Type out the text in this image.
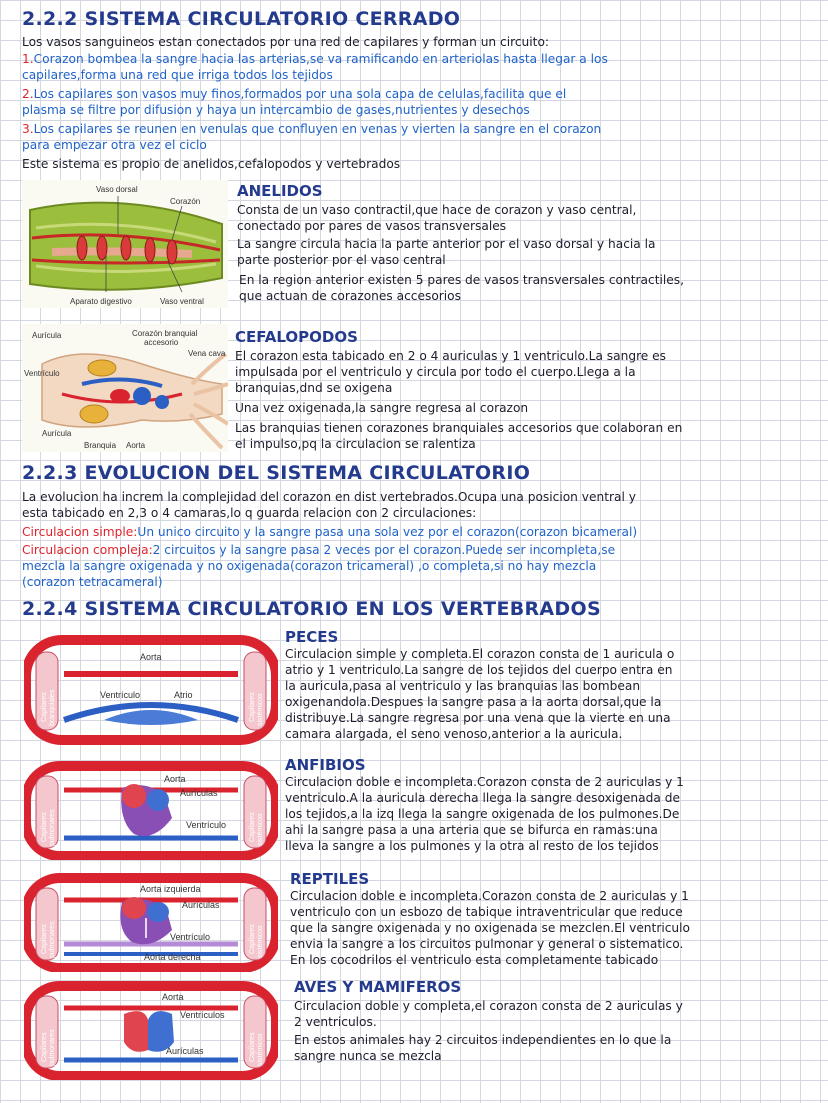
2.2.2 SISTEMA CIRCULATORIO CERRADO
Los vasos sanguineos estan conectados por una red de capilares y forman un circuito:
1.Corazon bombea la sangre hacia las arterias,se va ramificando en arteriolas hasta llegar a los
capilares,forma una red que irriga todos los tejidos
2.Los capilares son vasos muy finos,formados por una sola capa de celulas,facilita que el
plasma se filtre por difusion y haya un intercambio de gases,nutrientes y desechos
3.Los capilares se reunen en venulas que confluyen en venas y vierten la sangre en el corazon
para empezar otra vez el ciclo
Este sistema es propio de anelidos,cefalopodos y vertebrados
Vaso dorsal
Corazón
Aparato digestivo	Vaso ventral
ANELIDOS
Consta de un vaso contractil,que hace de corazon y vaso central,
conectado por pares de vasos transversales
La sangre circula hacia la parte anterior por el vaso dorsal y hacia la
parte posterior por el vaso central
En la region anterior existen 5 pares de vasos transversales contractiles,
que actuan de corazones accesorios
Aurícula	Corazón branquial
accesorio
Vena cava
Ventrículo
Aurícula
Branquia Aorta
CEFALOPODOS
El corazon esta tabicado en 2 o 4 auriculas y 1 ventriculo.La sangre es
impulsada por el ventriculo y circula por todo el cuerpo.Llega a la
branquias,dnd se oxigena
Una vez oxigenada,la sangre regresa al corazon
Las branquias tienen corazones branquiales accesorios que colaboran en
el impulso,pq la circulacion se ralentiza
2.2.3 EVOLUCION DEL SISTEMA CIRCULATORIO
La evolucion ha increm la complejidad del corazon en dist vertebrados.Ocupa una posicion ventral y
esta tabicado en 2,3 o 4 camaras,lo q guarda relacion con 2 circulaciones:
Circulacion simple:Un unico circuito y la sangre pasa una sola vez por el corazon(corazon bicameral)
Circulacion compleja:2 circuitos y la sangre pasa 2 veces por el corazon.Puede ser incompleta,se
mezcla la sangre oxigenada y no oxigenada(corazon tricameral) ,o completa,si no hay mezcla
(corazon tetracameral)
2.2.4 SISTEMA CIRCULATORIO EN LOS VERTEBRADOS
Aorta
Ventrículo	Atrio
Capilares branquiales	Capilares sistémicos
PECES
Circulacion simple y completa.El corazon consta de 1 auricula o
atrio y 1 ventriculo.La sangre de los tejidos del cuerpo entra en
la auricula,pasa al ventriculo y las branquias las bombean
oxigenandola.Despues la sangre pasa a la aorta dorsal,que la
distribuye.La sangre regresa por una vena que la vierte en una
camara alargada, el seno venoso,anterior a la auricula.
Aorta
Aurículas
Ventrículo
Capilares pulmonares	Capilares sistémicos
ANFIBIOS
Circulacion doble e incompleta.Corazon consta de 2 auriculas y 1
ventriculo.A la auricula derecha llega la sangre desoxigenada de
los tejidos,a la izq llega la sangre oxigenada de los pulmones.De
ahi la sangre pasa a una arteria que se bifurca en ramas:una
lleva la sangre a los pulmones y la otra al resto de los tejidos
Aorta izquierda
Aurículas
Ventrículo
Aorta derecha
Capilares pulmonares	Capilares sistémicos
REPTILES
Circulacion doble e incompleta.Corazon consta de 2 auriculas y 1
ventriculo con un esbozo de tabique intraventricular que reduce
que la sangre oxigenada y no oxigenada se mezclen.El ventriculo
envia la sangre a los circuitos pulmonar y general o sistematico.
En los cocodrilos el ventriculo esta completamente tabicado
Aorta
Ventrículos
Aurículas
Capilares pulmonares	Capilares sistémicos
AVES Y MAMIFEROS
Circulacion doble y completa,el corazon consta de 2 auriculas y
2 ventriculos.
En estos animales hay 2 circuitos independientes en lo que la
sangre nunca se mezcla
